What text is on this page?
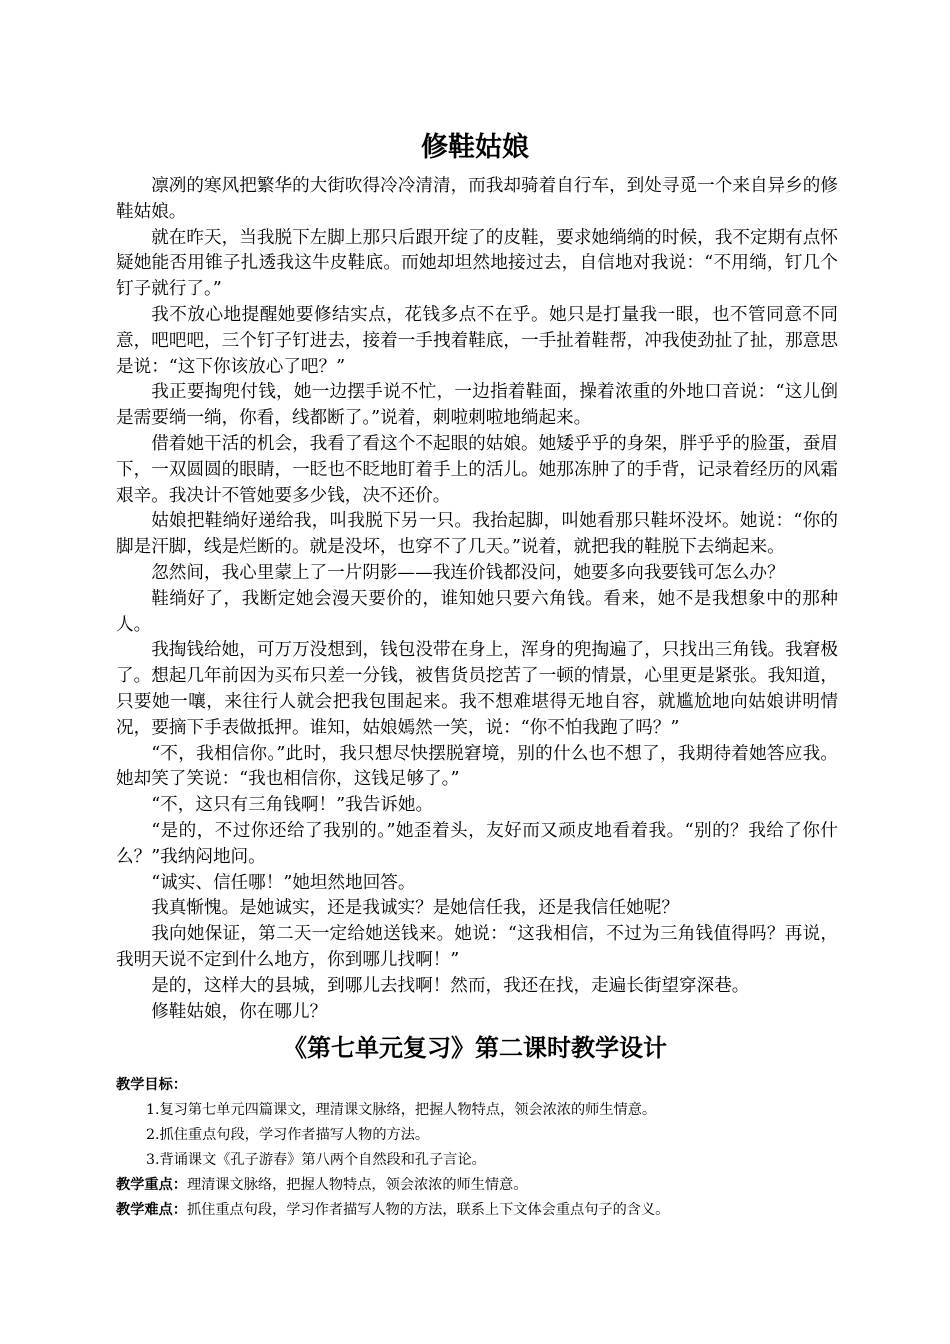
修鞋姑娘

凛冽的寒风把繁华的大街吹得冷冷清清，而我却骑着自行车，到处寻觅一个来自异乡的修鞋姑娘。

就在昨天，当我脱下左脚上那只后跟开绽了的皮鞋，要求她绱绱的时候，我不定期有点怀疑她能否用锥子扎透我这牛皮鞋底。而她却坦然地接过去，自信地对我说：“不用绱，钉几个钉子就行了。”

我不放心地提醒她要修结实点，花钱多点不在乎。她只是打量我一眼，也不管同意不同意，吧吧吧，三个钉子钉进去，接着一手拽着鞋底，一手扯着鞋帮，冲我使劲扯了扯，那意思是说：“这下你该放心了吧？”

我正要掏兜付钱，她一边摆手说不忙，一边指着鞋面，操着浓重的外地口音说：“这儿倒是需要绱一绱，你看，线都断了。”说着，刺啦刺啦地绱起来。

借着她干活的机会，我看了看这个不起眼的姑娘。她矮乎乎的身架，胖乎乎的脸蛋，蚕眉下，一双圆圆的眼睛，一眨也不眨地盯着手上的活儿。她那冻肿了的手背，记录着经历的风霜艰辛。我决计不管她要多少钱，决不还价。

姑娘把鞋绱好递给我，叫我脱下另一只。我抬起脚，叫她看那只鞋坏没坏。她说：“你的脚是汗脚，线是烂断的。就是没坏，也穿不了几天。”说着，就把我的鞋脱下去绱起来。

忽然间，我心里蒙上了一片阴影——我连价钱都没问，她要多向我要钱可怎么办？

鞋绱好了，我断定她会漫天要价的，谁知她只要六角钱。看来，她不是我想象中的那种人。

我掏钱给她，可万万没想到，钱包没带在身上，浑身的兜掏遍了，只找出三角钱。我窘极了。想起几年前因为买布只差一分钱，被售货员挖苦了一顿的情景，心里更是紧张。我知道，只要她一嚷，来往行人就会把我包围起来。我不想难堪得无地自容，就尴尬地向姑娘讲明情况，要摘下手表做抵押。谁知，姑娘嫣然一笑，说：“你不怕我跑了吗？”

“不，我相信你。”此时，我只想尽快摆脱窘境，别的什么也不想了，我期待着她答应我。她却笑了笑说：“我也相信你，这钱足够了。”

“不，这只有三角钱啊！”我告诉她。

“是的，不过你还给了我别的。”她歪着头，友好而又顽皮地看着我。“别的？我给了你什么？”我纳闷地问。

“诚实、信任哪！”她坦然地回答。

我真惭愧。是她诚实，还是我诚实？是她信任我，还是我信任她呢？

我向她保证，第二天一定给她送钱来。她说：“这我相信，不过为三角钱值得吗？再说，我明天说不定到什么地方，你到哪儿找啊！”

是的，这样大的县城，到哪儿去找啊！然而，我还在找，走遍长街望穿深巷。

修鞋姑娘，你在哪儿？

《第七单元复习》第二课时教学设计
教学目标：
1.复习第七单元四篇课文，理清课文脉络，把握人物特点，领会浓浓的师生情意。
2.抓住重点句段，学习作者描写人物的方法。
3.背诵课文《孔子游春》第八两个自然段和孔子言论。
教学重点：理清课文脉络，把握人物特点，领会浓浓的师生情意。
教学难点：抓住重点句段，学习作者描写人物的方法，联系上下文体会重点句子的含义。
